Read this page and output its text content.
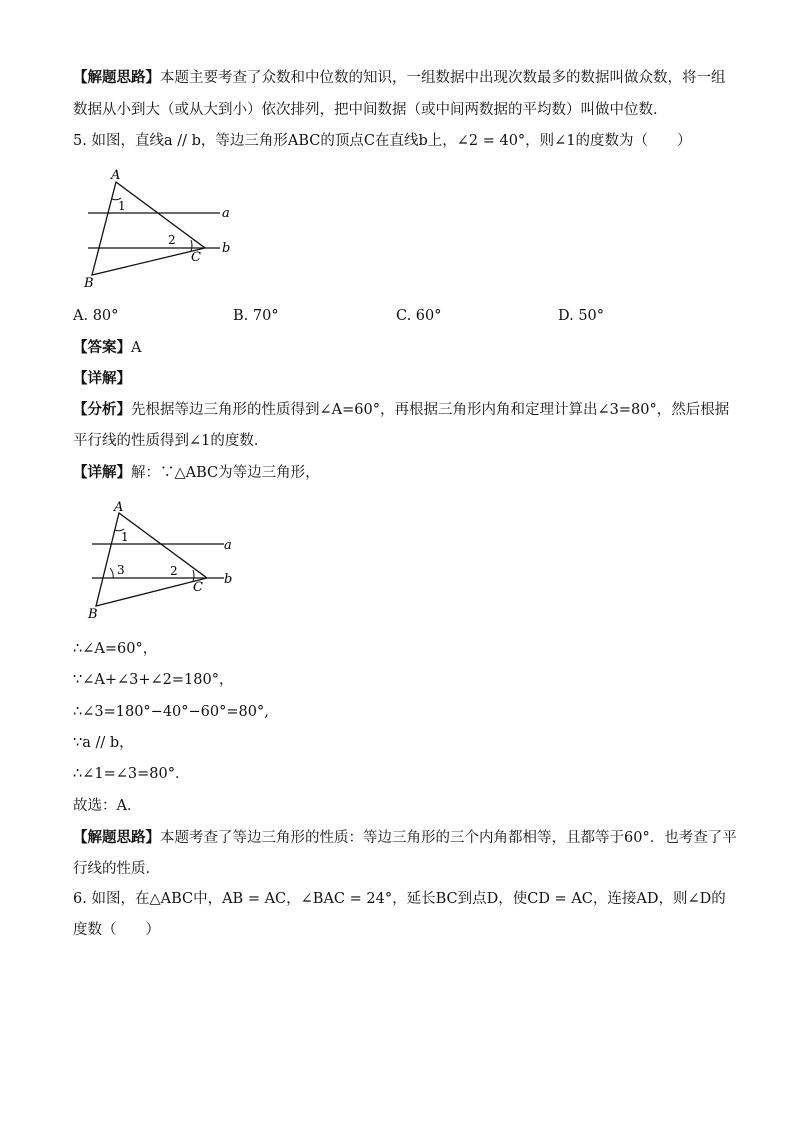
【解题思路】本题主要考查了众数和中位数的知识，一组数据中出现次数最多的数据叫做众数，将一组
数据从小到大（或从大到小）依次排列，把中间数据（或中间两数据的平均数）叫做中位数．
5. 如图，直线a // b，等边三角形ABC的顶点C在直线b上，∠2 = 40°，则∠1的度数为（　　）
A
B
C
a
b
1
2
A. 80°	B. 70°	C. 60°	D. 50°
【答案】A
【详解】
【分析】先根据等边三角形的性质得到∠A=60°，再根据三角形内角和定理计算出∠3=80°，然后根据
平行线的性质得到∠1的度数．
【详解】解：∵△ABC为等边三角形，
A
B
C
a
b
1
2
3
∴∠A=60°，
∵∠A+∠3+∠2=180°，
∴∠3=180°−40°−60°=80°,
∵a // b，
∴∠1=∠3=80°．
故选：A．
【解题思路】本题考查了等边三角形的性质：等边三角形的三个内角都相等，且都等于60°．也考查了平
行线的性质．
6. 如图，在△ABC中，AB = AC，∠BAC = 24°，延长BC到点D，使CD = AC，连接AD，则∠D的
度数（　　）
